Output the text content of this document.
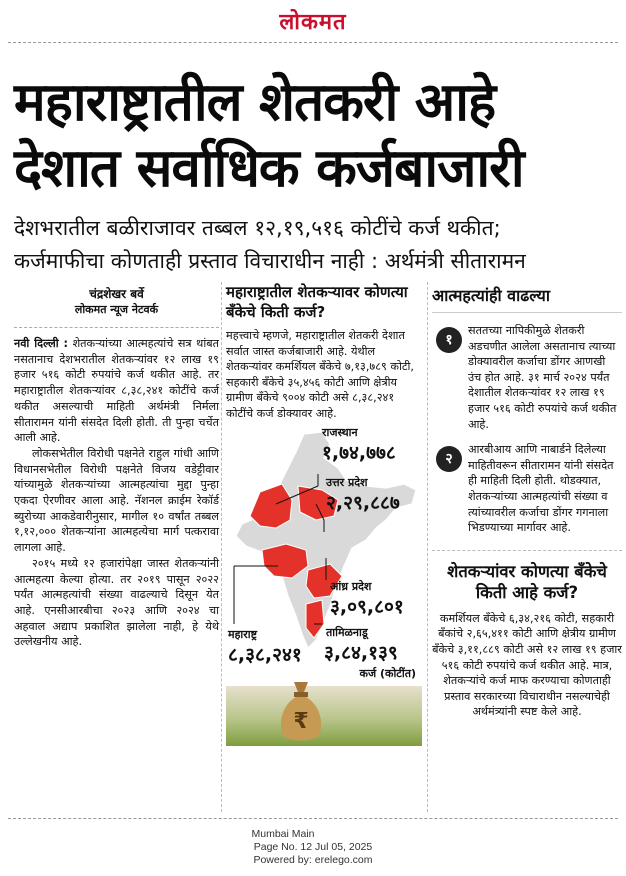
लोकमत
महाराष्ट्रातील शेतकरी आहे
देशात सर्वाधिक कर्जबाजारी
देशभरातील बळीराजावर तब्बल १२,१९,५१६ कोटींचे कर्ज थकीत;
कर्जमाफीचा कोणताही प्रस्ताव विचाराधीन नाही : अर्थमंत्री सीतारामन
चंद्रशेखर बर्वे
लोकमत न्यूज नेटवर्क

नवी दिल्ली : शेतकऱ्यांच्या आत्महत्यांचे सत्र थांबत नसतानाच देशभरातील शेतकऱ्यांवर १२ लाख १९ हजार ५१६ कोटी रुपयांचे कर्ज थकीत आहे. तर महाराष्ट्रातील शेतकऱ्यांवर ८,३८,२४१ कोटींचे कर्ज थकीत असल्याची माहिती अर्थमंत्री निर्मला सीतारामन यांनी संसदेत दिली होती. ती पुन्हा चर्चेत आली आहे.

लोकसभेतील विरोधी पक्षनेते राहुल गांधी आणि विधानसभेतील विरोधी पक्षनेते विजय वडेट्टीवार यांच्यामुळे शेतकऱ्यांच्या आत्महत्यांचा मुद्दा पुन्हा एकदा ऐरणीवर आला आहे. नॅशनल क्राईम रेकॉर्ड ब्युरोच्या आकडेवारीनुसार, मागील १० वर्षांत तब्बल १,१२,००० शेतकऱ्यांना आत्महत्येचा मार्ग पत्करावा लागला आहे.

२०१५ मध्ये १२ हजारांपेक्षा जास्त शेतकऱ्यांनी आत्महत्या केल्या होत्या. तर २०१९ पासून २०२२ पर्यंत आत्महत्यांची संख्या वाढल्याचे दिसून येत आहे. एनसीआरबीचा २०२३ आणि २०२४ चा अहवाल अद्याप प्रकाशित झालेला नाही, हे येथे उल्लेखनीय आहे.

महाराष्ट्रातील शेतकऱ्यावर कोणत्या बँकेचे किती कर्ज?
महत्त्वाचे म्हणजे, महाराष्ट्रातील शेतकरी देशात सर्वात जास्त कर्जबाजारी आहे. येथील शेतकऱ्यांवर कमर्शियल बँकेचे ७,१३,७८९ कोटी, सहकारी बँकेचे ३५,४५६ कोटी आणि क्षेत्रीय ग्रामीण बँकेचे ९००४ कोटी असे ८,३८,२४१ कोटींचे कर्ज डोक्यावर आहे.
राजस्थान
१,७४,७७८
उत्तर प्रदेश
२,२९,८८७
आंध्र प्रदेश
३,०९,८०१
तामिळनाडू
३,८४,१३९
महाराष्ट्र
८,३८,२४१
कर्ज (कोटींत)
₹
आत्महत्यांही वाढल्या
१
सततच्या नापिकीमुळे शेतकरी अडचणीत आलेला असतानाच त्याच्या डोक्यावरील कर्जाचा डोंगर आणखी उंच होत आहे. ३१ मार्च २०२४ पर्यंत देशातील शेतकऱ्यांवर १२ लाख १९ हजार ५१६ कोटी रुपयांचे कर्ज थकीत आहे.
२
आरबीआय आणि नाबार्डने दिलेल्या माहितीवरून सीतारामन यांनी संसदेत ही माहिती दिली होती. थोडक्यात, शेतकऱ्यांच्या आत्महत्यांची संख्या व त्यांच्यावरील कर्जाचा डोंगर गगनाला भिडण्याच्या मार्गावर आहे.
शेतकऱ्यांवर कोणत्या बँकेचे किती आहे कर्ज?
कमर्शियल बँकेचे ६,३४,२१६ कोटी, सहकारी बँकांचे २,६५,४११ कोटी आणि क्षेत्रीय ग्रामीण बँकेचे ३,११,८८९ कोटी असे १२ लाख १९ हजार ५१६ कोटी रुपयांचे कर्ज थकीत आहे. मात्र, शेतकऱ्यांचे कर्ज माफ करण्याचा कोणताही प्रस्ताव सरकारच्या विचाराधीन नसल्याचेही अर्थमंत्र्यांनी स्पष्ट केले आहे.
Mumbai Main
Page No. 12 Jul 05, 2025
Powered by: erelego.com
